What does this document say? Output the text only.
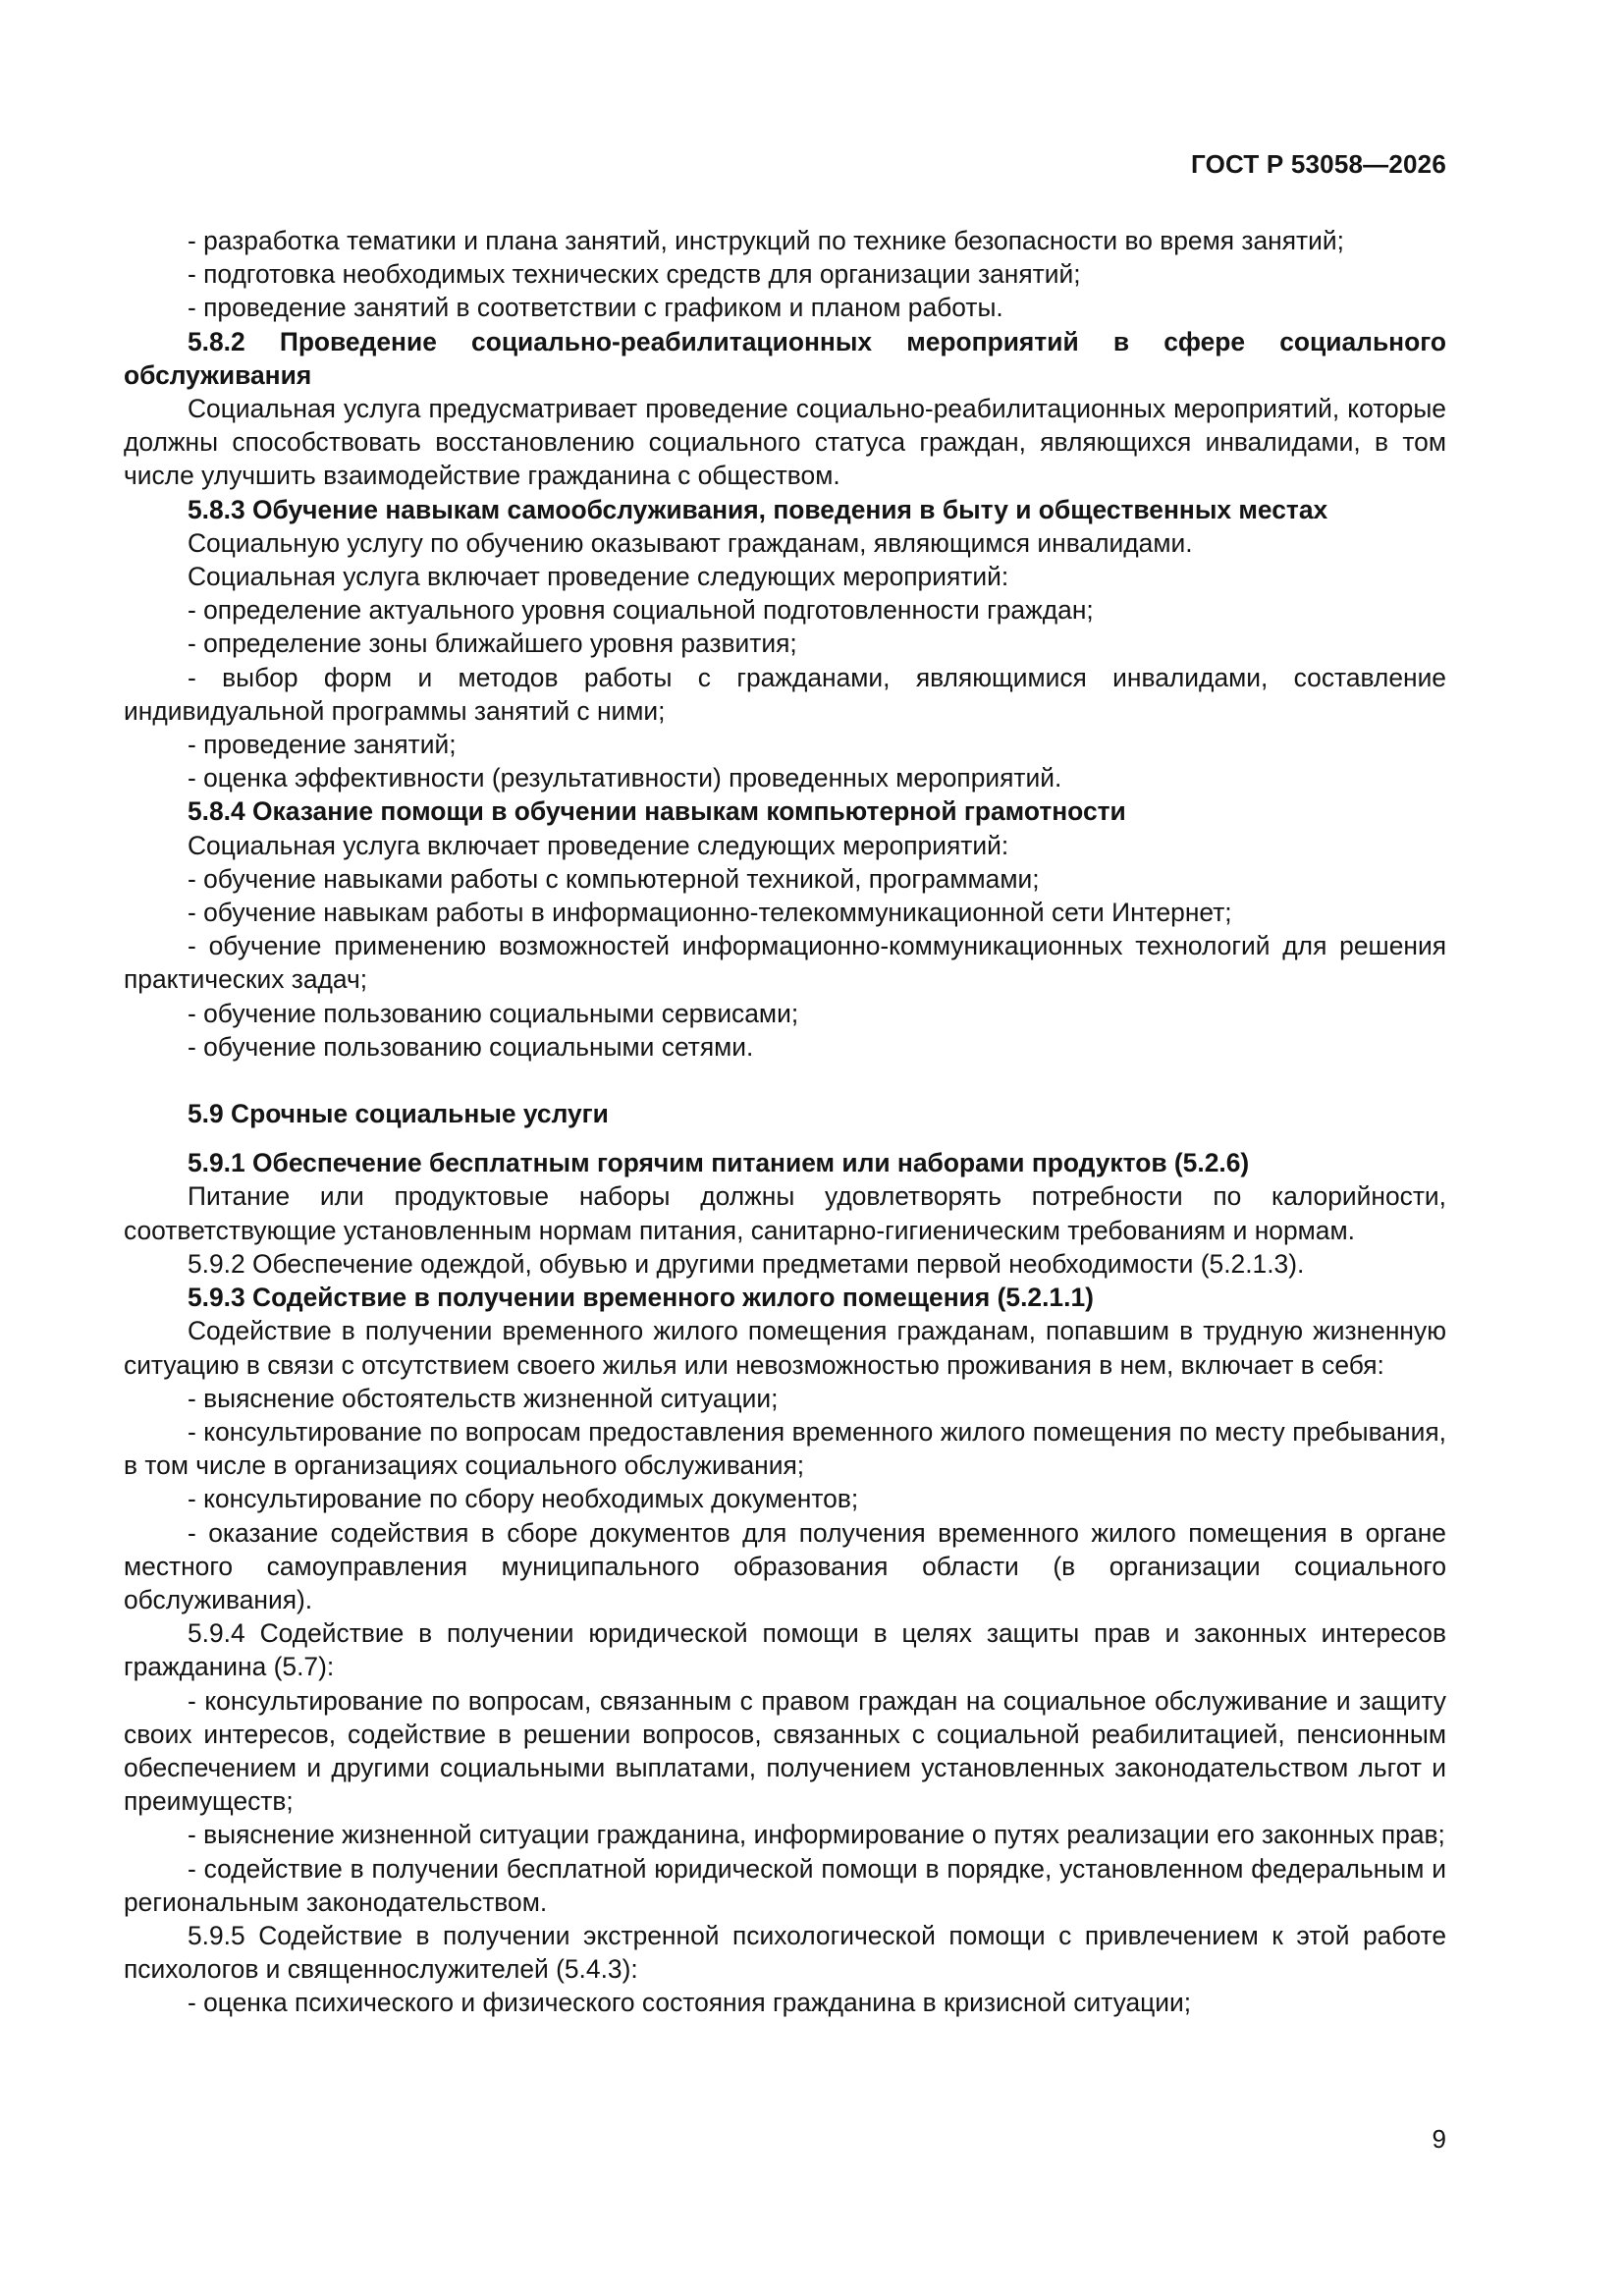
ГОСТ Р 53058—2026

- разработка тематики и плана занятий, инструкций по технике безопасности во время занятий;

- подготовка необходимых технических средств для организации занятий;

- проведение занятий в соответствии с графиком и планом работы.

5.8.2 Проведение социально-реабилитационных мероприятий в сфере социального обслуживания

Социальная услуга предусматривает проведение социально-реабилитационных мероприятий, которые должны способствовать восстановлению социального статуса граждан, являющихся инвалидами, в том числе улучшить взаимодействие гражданина с обществом.

5.8.3 Обучение навыкам самообслуживания, поведения в быту и общественных местах

Социальную услугу по обучению оказывают гражданам, являющимся инвалидами.

Социальная услуга включает проведение следующих мероприятий:

- определение актуального уровня социальной подготовленности граждан;

- определение зоны ближайшего уровня развития;

- выбор форм и методов работы с гражданами, являющимися инвалидами, составление индивидуальной программы занятий с ними;

- проведение занятий;

- оценка эффективности (результативности) проведенных мероприятий.

5.8.4 Оказание помощи в обучении навыкам компьютерной грамотности

Социальная услуга включает проведение следующих мероприятий:

- обучение навыками работы с компьютерной техникой, программами;

- обучение навыкам работы в информационно-телекоммуникационной сети Интернет;

- обучение применению возможностей информационно-коммуникационных технологий для решения практических задач;

- обучение пользованию социальными сервисами;

- обучение пользованию социальными сетями.

5.9 Срочные социальные услуги

5.9.1 Обеспечение бесплатным горячим питанием или наборами продуктов (5.2.6)

Питание или продуктовые наборы должны удовлетворять потребности по калорийности, соответствующие установленным нормам питания, санитарно-гигиеническим требованиям и нормам.

5.9.2 Обеспечение одеждой, обувью и другими предметами первой необходимости (5.2.1.3).

5.9.3 Содействие в получении временного жилого помещения (5.2.1.1)

Содействие в получении временного жилого помещения гражданам, попавшим в трудную жизненную ситуацию в связи с отсутствием своего жилья или невозможностью проживания в нем, включает в себя:

- выяснение обстоятельств жизненной ситуации;

- консультирование по вопросам предоставления временного жилого помещения по месту пребывания, в том числе в организациях социального обслуживания;

- консультирование по сбору необходимых документов;

- оказание содействия в сборе документов для получения временного жилого помещения в органе местного самоуправления муниципального образования области (в организации социального обслуживания).

5.9.4 Содействие в получении юридической помощи в целях защиты прав и законных интересов гражданина (5.7):

- консультирование по вопросам, связанным с правом граждан на социальное обслуживание и защиту своих интересов, содействие в решении вопросов, связанных с социальной реабилитацией, пенсионным обеспечением и другими социальными выплатами, получением установленных законодательством льгот и преимуществ;

- выяснение жизненной ситуации гражданина, информирование о путях реализации его законных прав;

- содействие в получении бесплатной юридической помощи в порядке, установленном федеральным и региональным законодательством.

5.9.5 Содействие в получении экстренной психологической помощи с привлечением к этой работе психологов и священнослужителей (5.4.3):

- оценка психического и физического состояния гражданина в кризисной ситуации;

9
